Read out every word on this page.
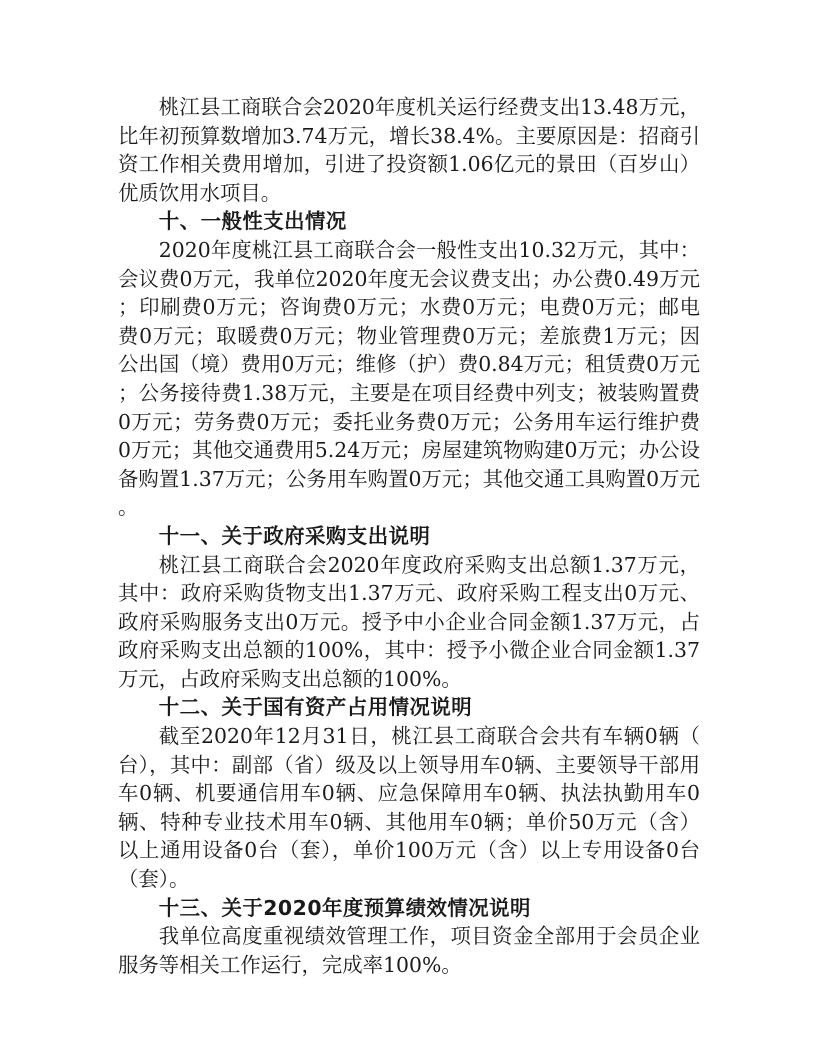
桃江县工商联合会2020年度机关运行经费支出13.48万元，比年初预算数增加3.74万元，增长38.4%。主要原因是：招商引资工作相关费用增加，引进了投资额1.06亿元的景田（百岁山）优质饮用水项目。

十、一般性支出情况

2020年度桃江县工商联合会一般性支出10.32万元，其中：会议费0万元，我单位2020年度无会议费支出；办公费0.49万元；印刷费0万元；咨询费0万元；水费0万元；电费0万元；邮电费0万元；取暖费0万元；物业管理费0万元；差旅费1万元；因公出国（境）费用0万元；维修（护）费0.84万元；租赁费0万元；公务接待费1.38万元，主要是在项目经费中列支；被装购置费0万元；劳务费0万元；委托业务费0万元；公务用车运行维护费0万元；其他交通费用5.24万元；房屋建筑物购建0万元；办公设备购置1.37万元；公务用车购置0万元；其他交通工具购置0万元。

十一、关于政府采购支出说明

桃江县工商联合会2020年度政府采购支出总额1.37万元，其中：政府采购货物支出1.37万元、政府采购工程支出0万元、政府采购服务支出0万元。授予中小企业合同金额1.37万元，占政府采购支出总额的100%，其中：授予小微企业合同金额1.37万元，占政府采购支出总额的100%。

十二、关于国有资产占用情况说明

截至2020年12月31日，桃江县工商联合会共有车辆0辆（台），其中：副部（省）级及以上领导用车0辆、主要领导干部用车0辆、机要通信用车0辆、应急保障用车0辆、执法执勤用车0辆、特种专业技术用车0辆、其他用车0辆；单价50万元（含）以上通用设备0台（套），单价100万元（含）以上专用设备0台（套）。

十三、关于2020年度预算绩效情况说明

我单位高度重视绩效管理工作，项目资金全部用于会员企业服务等相关工作运行，完成率100%。
